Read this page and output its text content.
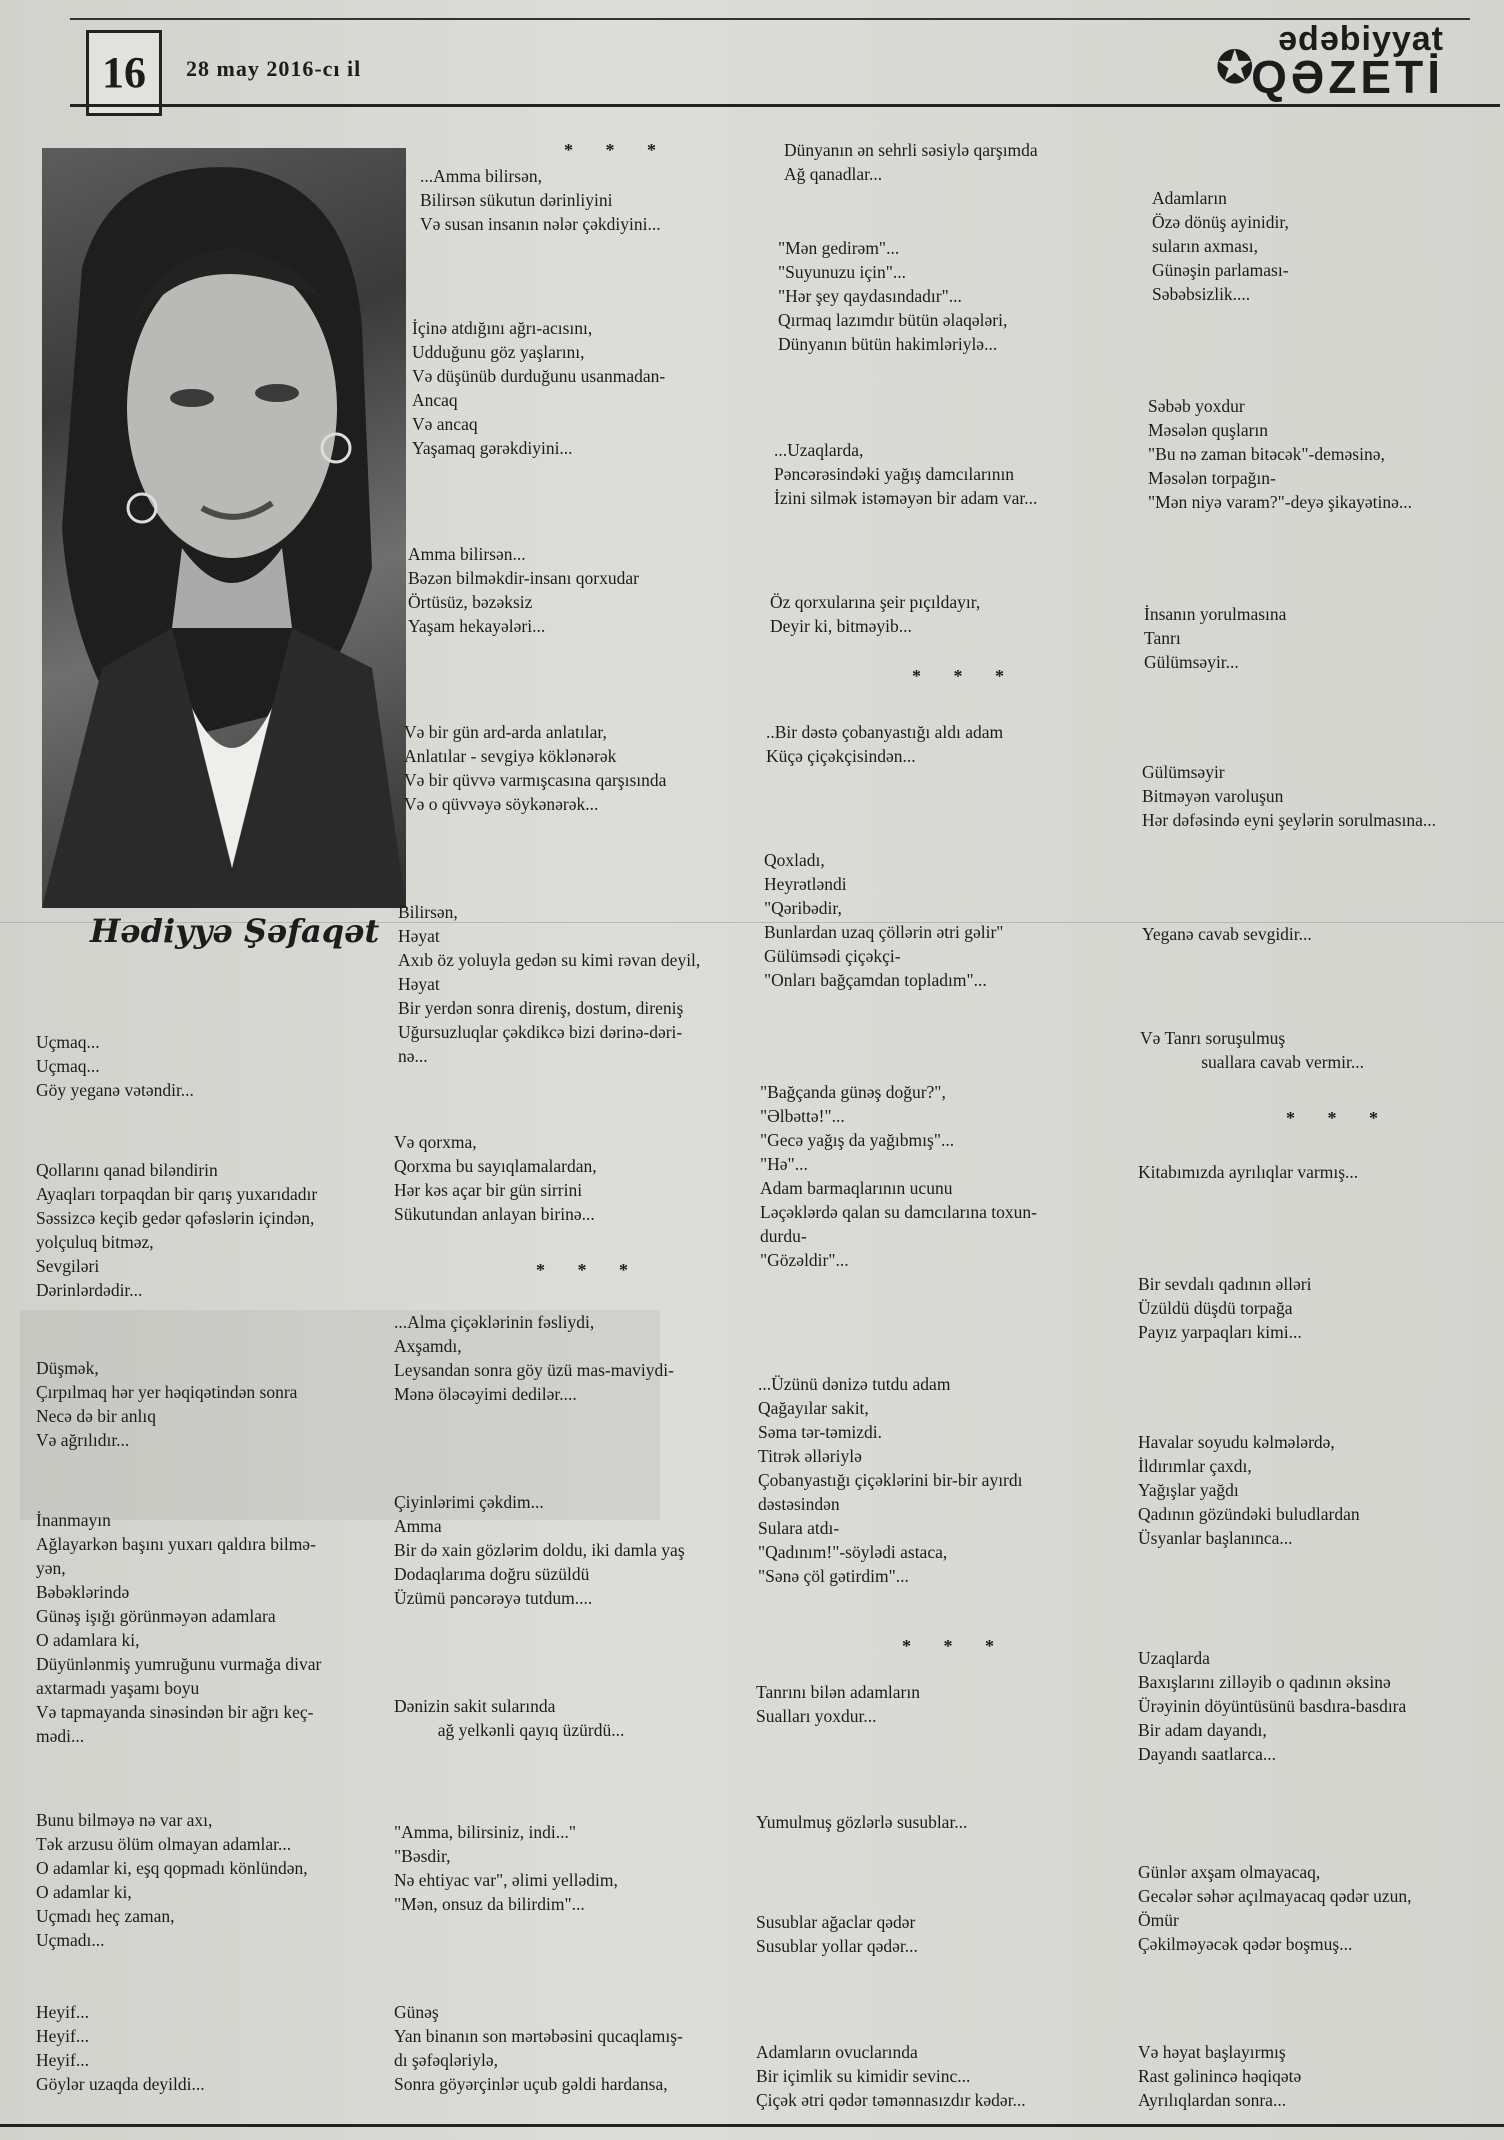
16	28 may 2016-cı il	✪
ədəbiyyat
QƏZETİ
Hədiyyə Şəfaqət
* * *
* * *
* * *
* * *
* * *

Uçmaq...
Uçmaq...
Göy yeganə vətəndir...

Qollarını qanad biləndirin
Ayaqları torpaqdan bir qarış yuxarıdadır
Səssizcə keçib gedər qəfəslərin içindən,
yolçuluq bitməz,
Sevgiləri
Dərinlərdədir...

Düşmək,
Çırpılmaq hər yer həqiqətindən sonra
Necə də bir anlıq
Və ağrılıdır...

İnanmayın
Ağlayarkən başını yuxarı qaldıra bilmə-
yən,
Bəbəklərində
Günəş işığı görünməyən adamlara
O adamlara ki,
Düyünlənmiş yumruğunu vurmağa divar
axtarmadı yaşamı boyu
Və tapmayanda sinəsindən bir ağrı keç-
mədi...

Bunu bilməyə nə var axı,
Tək arzusu ölüm olmayan adamlar...
O adamlar ki, eşq qopmadı könlündən,
O adamlar ki,
Uçmadı heç zaman,
Uçmadı...

Heyif...
Heyif...
Heyif...
Göylər uzaqda deyildi...

...Amma bilirsən,
Bilirsən sükutun dərinliyini
Və susan insanın nələr çəkdiyini...

İçinə atdığını ağrı-acısını,
Udduğunu göz yaşlarını,
Və düşünüb durduğunu usanmadan-
Ancaq
Və ancaq
Yaşamaq gərəkdiyini...

Amma bilirsən...
Bəzən bilməkdir-insanı qorxudar
Örtüsüz, bəzəksiz
Yaşam hekayələri...

Və bir gün ard-arda anlatılar,
Anlatılar - sevgiyə köklənərək
Və bir qüvvə varmışcasına qarşısında
Və o qüvvəyə söykənərək...

Bilirsən,
Həyat
Axıb öz yoluyla gedən su kimi rəvan deyil,
Həyat
Bir yerdən sonra direniş, dostum, direniş
Uğursuzluqlar çəkdikcə bizi dərinə-dəri-
nə...

Və qorxma,
Qorxma bu sayıqlamalardan,
Hər kəs açar bir gün sirrini
Sükutundan anlayan birinə...

...Alma çiçəklərinin fəsliydi,
Axşamdı,
Leysandan sonra göy üzü mas-maviydi-
Mənə öləcəyimi dedilər....

Çiyinlərimi çəkdim...
Amma
Bir də xain gözlərim doldu, iki damla yaş
Dodaqlarıma doğru süzüldü
Üzümü pəncərəyə tutdum....

Dənizin sakit sularında
ağ yelkənli qayıq üzürdü...

"Amma, bilirsiniz, indi..."
"Bəsdir,
Nə ehtiyac var", əlimi yellədim,
"Mən, onsuz da bilirdim"...

Günəş
Yan binanın son mərtəbəsini qucaqlamış-
dı şəfəqləriylə,
Sonra göyərçinlər uçub gəldi hardansa,

Dünyanın ən sehrli səsiylə qarşımda
Ağ qanadlar...

"Mən gedirəm"...
"Suyunuzu için"...
"Hər şey qaydasındadır"...
Qırmaq lazımdır bütün əlaqələri,
Dünyanın bütün hakimləriylə...

...Uzaqlarda,
Pəncərəsindəki yağış damcılarının
İzini silmək istəməyən bir adam var...

Öz qorxularına şeir pıçıldayır,
Deyir ki, bitməyib...

..Bir dəstə çobanyastığı aldı adam
Küçə çiçəkçisindən...

Qoxladı,
Heyrətləndi
"Qəribədir,
Bunlardan uzaq çöllərin ətri gəlir"
Gülümsədi çiçəkçi-
"Onları bağçamdan topladım"...

"Bağçanda günəş doğur?",
"Əlbəttə!"...
"Gecə yağış da yağıbmış"...
"Hə"...
Adam barmaqlarının ucunu
Ləçəklərdə qalan su damcılarına toxun-
durdu-
"Gözəldir"...

...Üzünü dənizə tutdu adam
Qağayılar sakit,
Səma tər-təmizdi.
Titrək əlləriylə
Çobanyastığı çiçəklərini bir-bir ayırdı
dəstəsindən
Sulara atdı-
"Qadınım!"-söylədi astaca,
"Sənə çöl gətirdim"...

Tanrını bilən adamların
Sualları yoxdur...

Yumulmuş gözlərlə susublar...

Susublar ağaclar qədər
Susublar yollar qədər...

Adamların ovuclarında
Bir içimlik su kimidir sevinc...
Çiçək ətri qədər təmənnasızdır kədər...

Adamların
Özə dönüş ayinidir,
suların axması,
Günəşin parlaması-
Səbəbsizlik....

Səbəb yoxdur
Məsələn quşların
"Bu nə zaman bitəcək"-deməsinə,
Məsələn torpağın-
"Mən niyə varam?"-deyə şikayətinə...

İnsanın yorulmasına
Tanrı
Gülümsəyir...

Gülümsəyir
Bitməyən varoluşun
Hər dəfəsində eyni şeylərin sorulmasına...

Yeganə cavab sevgidir...

Və Tanrı soruşulmuş
suallara cavab vermir...

Kitabımızda ayrılıqlar varmış...

Bir sevdalı qadının əlləri
Üzüldü düşdü torpağa
Payız yarpaqları kimi...

Havalar soyudu kəlmələrdə,
İldırımlar çaxdı,
Yağışlar yağdı
Qadının gözündəki buludlardan
Üsyanlar başlanınca...

Uzaqlarda
Baxışlarını zilləyib o qadının əksinə
Ürəyinin döyüntüsünü basdıra-basdıra
Bir adam dayandı,
Dayandı saatlarca...

Günlər axşam olmayacaq,
Gecələr səhər açılmayacaq qədər uzun,
Ömür
Çəkilməyəcək qədər boşmuş...

Və həyat başlayırmış
Rast gəlinincə həqiqətə
Ayrılıqlardan sonra...
